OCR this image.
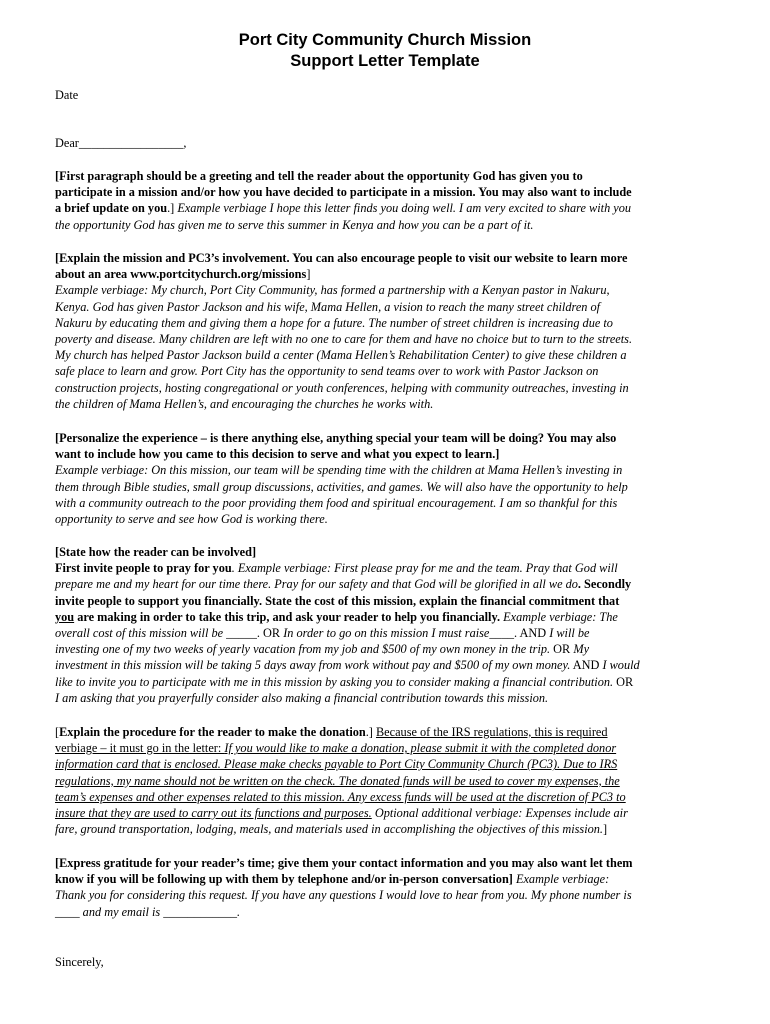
Port City Community Church Mission
Support Letter Template
Date
Dear_________________,
[First paragraph should be a greeting and tell the reader about the opportunity God has given you to
participate in a mission and/or how you have decided to participate in a mission. You may also want to include
a brief update on you.] Example verbiage I hope this letter finds you doing well. I am very excited to share with you
the opportunity God has given me to serve this summer in Kenya and how you can be a part of it.
[Explain the mission and PC3’s involvement. You can also encourage people to visit our website to learn more
about an area www.portcitychurch.org/missions]
Example verbiage: My church, Port City Community, has formed a partnership with a Kenyan pastor in Nakuru,
Kenya. God has given Pastor Jackson and his wife, Mama Hellen, a vision to reach the many street children of
Nakuru by educating them and giving them a hope for a future. The number of street children is increasing due to
poverty and disease. Many children are left with no one to care for them and have no choice but to turn to the streets.
My church has helped Pastor Jackson build a center (Mama Hellen’s Rehabilitation Center) to give these children a
safe place to learn and grow. Port City has the opportunity to send teams over to work with Pastor Jackson on
construction projects, hosting congregational or youth conferences, helping with community outreaches, investing in
the children of Mama Hellen’s, and encouraging the churches he works with.
[Personalize the experience – is there anything else, anything special your team will be doing? You may also
want to include how you came to this decision to serve and what you expect to learn.]
Example verbiage: On this mission, our team will be spending time with the children at Mama Hellen’s investing in
them through Bible studies, small group discussions, activities, and games. We will also have the opportunity to help
with a community outreach to the poor providing them food and spiritual encouragement. I am so thankful for this
opportunity to serve and see how God is working there.
[State how the reader can be involved]
First invite people to pray for you. Example verbiage: First please pray for me and the team. Pray that God will
prepare me and my heart for our time there. Pray for our safety and that God will be glorified in all we do. Secondly
invite people to support you financially. State the cost of this mission, explain the financial commitment that
you are making in order to take this trip, and ask your reader to help you financially. Example verbiage: The
overall cost of this mission will be _____. OR In order to go on this mission I must raise____. AND I will be
investing one of my two weeks of yearly vacation from my job and $500 of my own money in the trip. OR My
investment in this mission will be taking 5 days away from work without pay and $500 of my own money. AND I would
like to invite you to participate with me in this mission by asking you to consider making a financial contribution. OR
I am asking that you prayerfully consider also making a financial contribution towards this mission.
[Explain the procedure for the reader to make the donation.] Because of the IRS regulations, this is required
verbiage – it must go in the letter: If you would like to make a donation, please submit it with the completed donor
information card that is enclosed. Please make checks payable to Port City Community Church (PC3). Due to IRS
regulations, my name should not be written on the check. The donated funds will be used to cover my expenses, the
team’s expenses and other expenses related to this mission. Any excess funds will be used at the discretion of PC3 to
insure that they are used to carry out its functions and purposes. Optional additional verbiage: Expenses include air
fare, ground transportation, lodging, meals, and materials used in accomplishing the objectives of this mission.]
[Express gratitude for your reader’s time; give them your contact information and you may also want let them
know if you will be following up with them by telephone and/or in-person conversation] Example verbiage:
Thank you for considering this request. If you have any questions I would love to hear from you. My phone number is
____ and my email is ____________.
Sincerely,
